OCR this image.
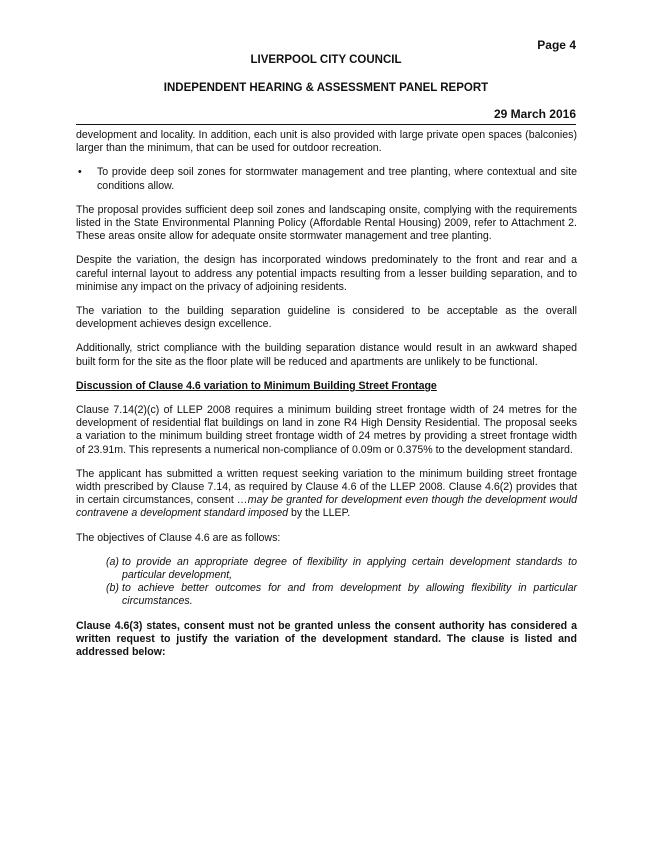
Page 4
LIVERPOOL CITY COUNCIL
INDEPENDENT HEARING & ASSESSMENT PANEL REPORT
29 March 2016

development and locality. In addition, each unit is also provided with large private open spaces (balconies) larger than the minimum, that can be used for outdoor recreation.

• To provide deep soil zones for stormwater management and tree planting, where contextual and site conditions allow.

The proposal provides sufficient deep soil zones and landscaping onsite, complying with the requirements listed in the State Environmental Planning Policy (Affordable Rental Housing) 2009, refer to Attachment 2. These areas onsite allow for adequate onsite stormwater management and tree planting.

Despite the variation, the design has incorporated windows predominately to the front and rear and a careful internal layout to address any potential impacts resulting from a lesser building separation, and to minimise any impact on the privacy of adjoining residents.

The variation to the building separation guideline is considered to be acceptable as the overall development achieves design excellence.

Additionally, strict compliance with the building separation distance would result in an awkward shaped built form for the site as the floor plate will be reduced and apartments are unlikely to be functional.

Discussion of Clause 4.6 variation to Minimum Building Street Frontage

Clause 7.14(2)(c) of LLEP 2008 requires a minimum building street frontage width of 24 metres for the development of residential flat buildings on land in zone R4 High Density Residential. The proposal seeks a variation to the minimum building street frontage width of 24 metres by providing a street frontage width of 23.91m. This represents a numerical non-compliance of 0.09m or 0.375% to the development standard.

The applicant has submitted a written request seeking variation to the minimum building street frontage width prescribed by Clause 7.14, as required by Clause 4.6 of the LLEP 2008. Clause 4.6(2) provides that in certain circumstances, consent …may be granted for development even though the development would contravene a development standard imposed by the LLEP.

The objectives of Clause 4.6 are as follows:

(a) to provide an appropriate degree of flexibility in applying certain development standards to particular development,
(b) to achieve better outcomes for and from development by allowing flexibility in particular circumstances.

Clause 4.6(3) states, consent must not be granted unless the consent authority has considered a written request to justify the variation of the development standard. The clause is listed and addressed below:
